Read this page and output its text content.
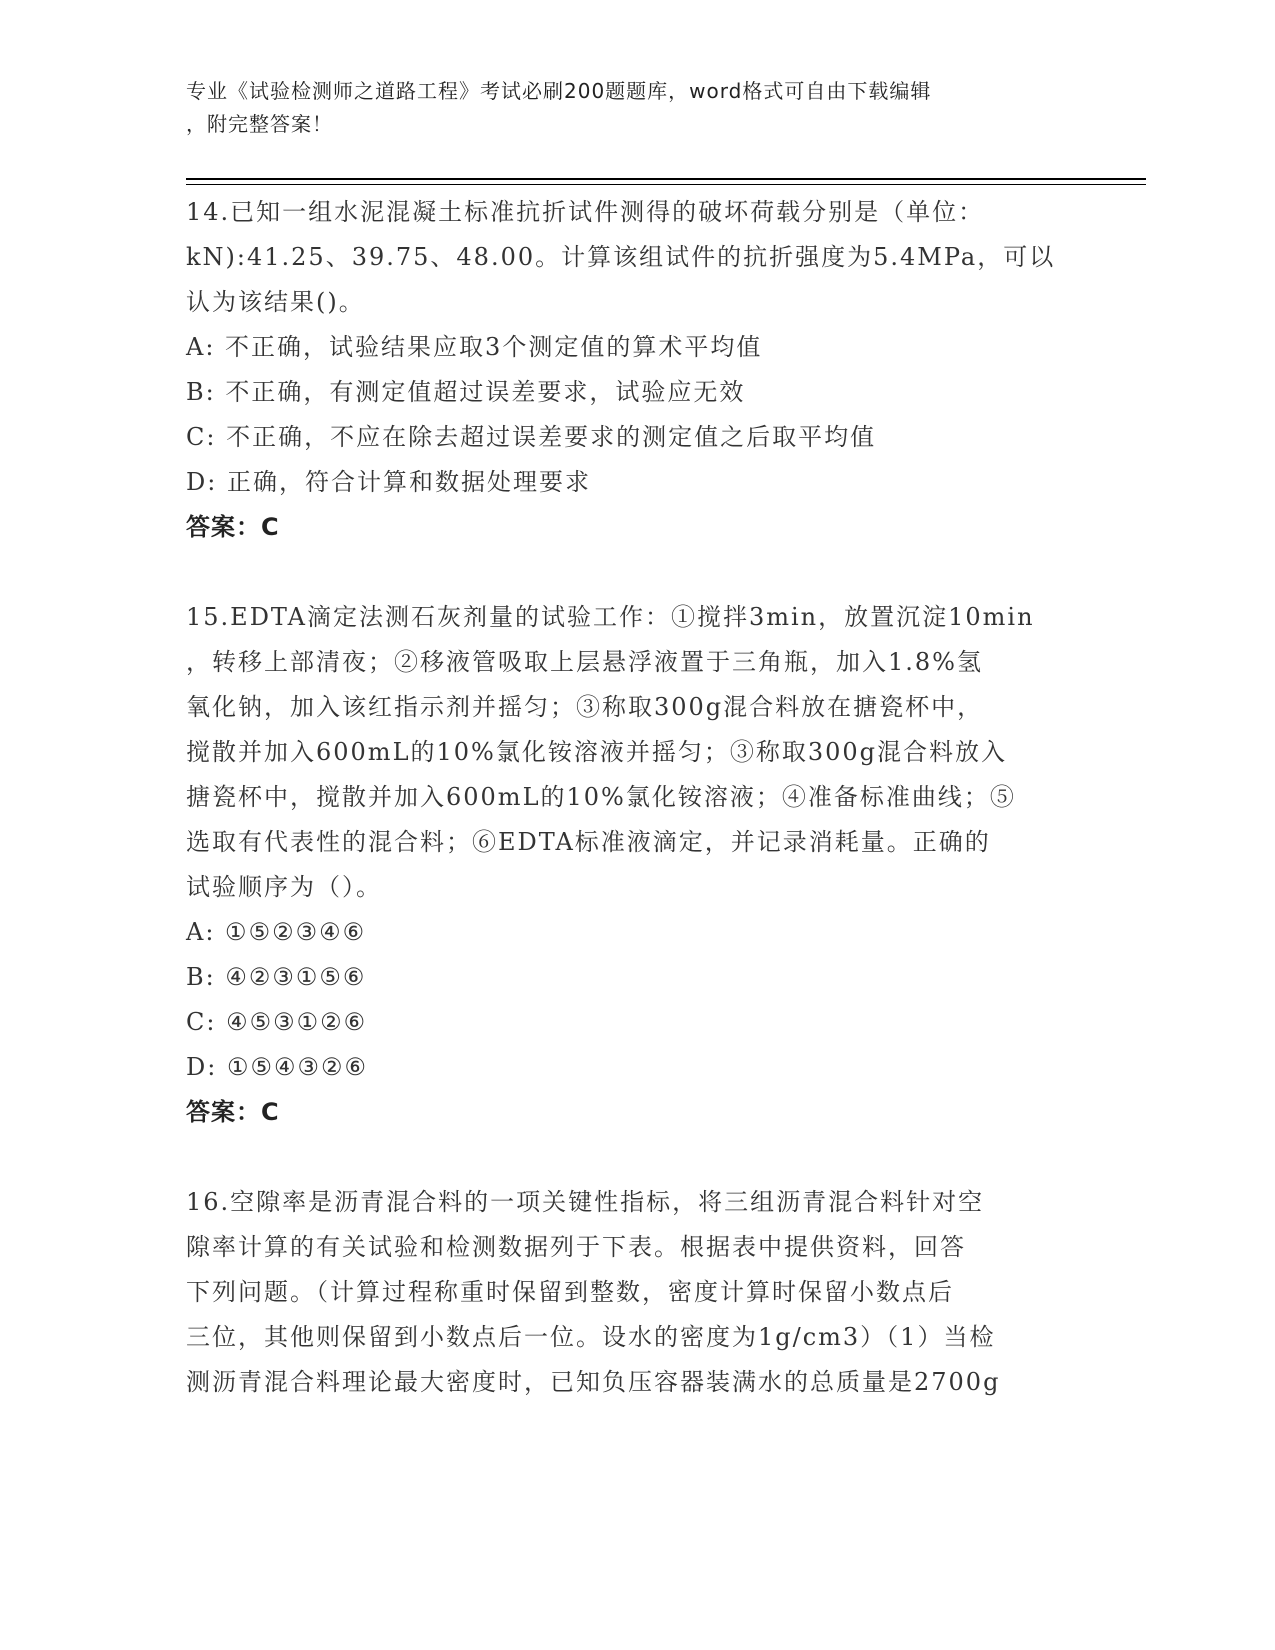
专业《试验检测师之道路工程》考试必刷200题题库，word格式可自由下载编辑
，附完整答案！
14.已知一组水泥混凝土标准抗折试件测得的破坏荷载分别是（单位：
kN):41.25、39.75、48.00。计算该组试件的抗折强度为5.4MPa，可以
认为该结果()。
A: 不正确，试验结果应取3个测定值的算术平均值
B: 不正确，有测定值超过误差要求，试验应无效
C: 不正确，不应在除去超过误差要求的测定值之后取平均值
D: 正确，符合计算和数据处理要求
答案：C
15.EDTA滴定法测石灰剂量的试验工作：①搅拌3min，放置沉淀10min
，转移上部清夜；②移液管吸取上层悬浮液置于三角瓶，加入1.8%氢
氧化钠，加入该红指示剂并摇匀；③称取300g混合料放在搪瓷杯中，
搅散并加入600mL的10%氯化铵溶液并摇匀；③称取300g混合料放入
搪瓷杯中，搅散并加入600mL的10%氯化铵溶液；④准备标准曲线；⑤
选取有代表性的混合料；⑥EDTA标准液滴定，并记录消耗量。正确的
试验顺序为（）。
A: ①⑤②③④⑥
B: ④②③①⑤⑥
C: ④⑤③①②⑥
D: ①⑤④③②⑥
答案：C
16.空隙率是沥青混合料的一项关键性指标，将三组沥青混合料针对空
隙率计算的有关试验和检测数据列于下表。根据表中提供资料，回答
下列问题。（计算过程称重时保留到整数，密度计算时保留小数点后
三位，其他则保留到小数点后一位。设水的密度为1g/cm3）（1）当检
测沥青混合料理论最大密度时，已知负压容器装满水的总质量是2700g
